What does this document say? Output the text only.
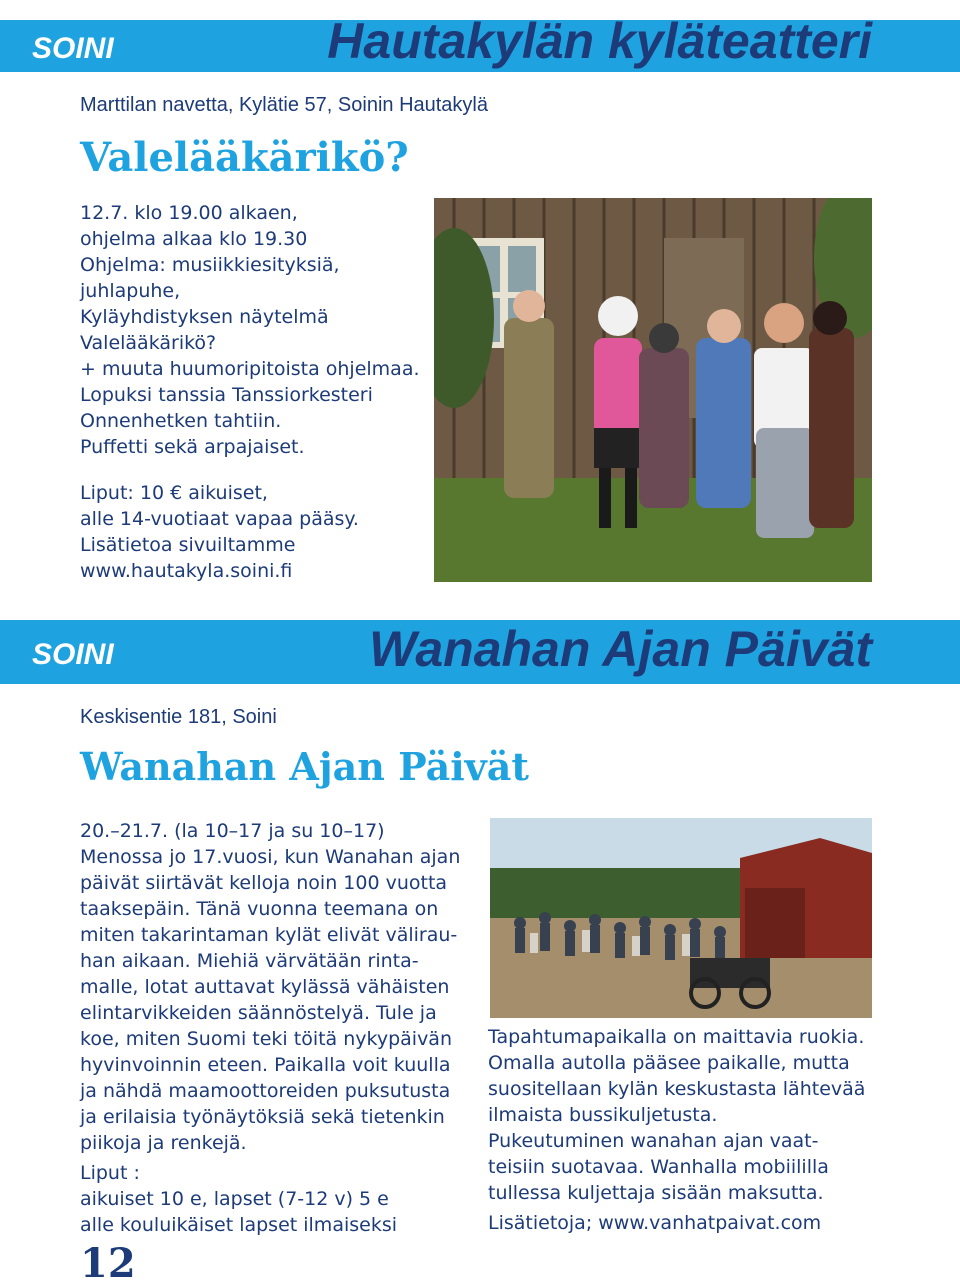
SOINI	Hautakylän kyläteatteri
Marttilan navetta, Kylätie 57, Soinin Hautakylä
Valelääkärikö?
12.7. klo 19.00 alkaen,
ohjelma alkaa klo 19.30
Ohjelma: musiikkiesityksiä,
juhlapuhe,
Kyläyhdistyksen näytelmä
Valelääkärikö?
+ muuta huumoripitoista ohjelmaa.
Lopuksi tanssia Tanssiorkesteri
Onnenhetken tahtiin.
Puffetti sekä arpajaiset.
Liput: 10 € aikuiset,
alle 14-vuotiaat vapaa pääsy.
Lisätietoa sivuiltamme
www.hautakyla.soini.fi
SOINI	Wanahan Ajan Päivät
Keskisentie 181, Soini
Wanahan Ajan Päivät
20.–21.7. (la 10–17 ja su 10–17)
Menossa jo 17.vuosi, kun Wanahan ajan
päivät siirtävät kelloja noin 100 vuotta
taaksepäin. Tänä vuonna teemana on
miten takarintaman kylät elivät välirau-
han aikaan. Miehiä värvätään rinta-
malle, lotat auttavat kylässä vähäisten
elintarvikkeiden säännöstelyä. Tule ja
koe, miten Suomi teki töitä nykypäivän
hyvinvoinnin eteen. Paikalla voit kuulla
ja nähdä maamoottoreiden puksutusta
ja erilaisia työnäytöksiä sekä tietenkin
piikoja ja renkejä.
Liput :
aikuiset 10 e, lapset (7-12 v) 5 e
alle kouluikäiset lapset ilmaiseksi
Tapahtumapaikalla on maittavia ruokia.
Omalla autolla pääsee paikalle, mutta
suositellaan kylän keskustasta lähtevää
ilmaista bussikuljetusta.
Pukeutuminen wanahan ajan vaat-
teisiin suotavaa. Wanhalla mobiililla
tullessa kuljettaja sisään maksutta.
Lisätietoja; www.vanhatpaivat.com
12
